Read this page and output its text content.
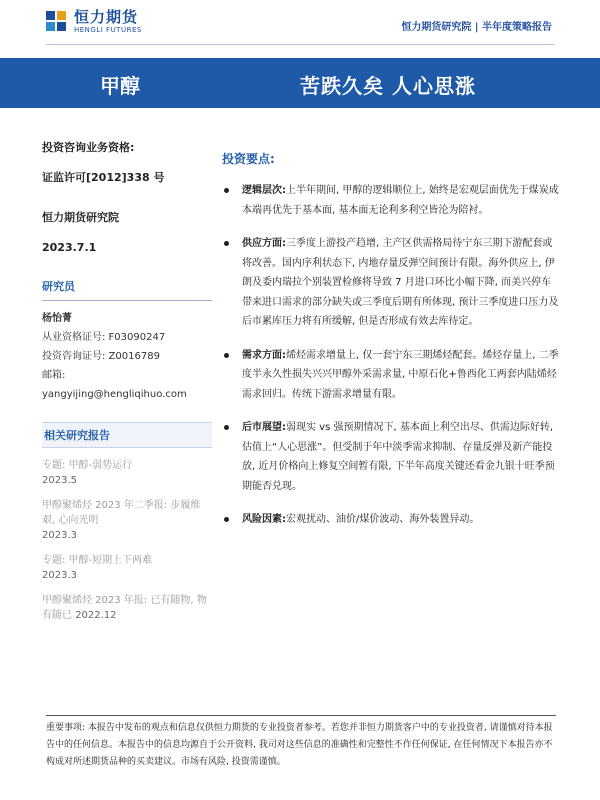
恒力期货
HENGLI FUTURES	恒力期货研究院 | 半年度策略报告
甲醇	苦跌久矣 人心思涨
投资咨询业务资格:
证监许可[2012]338 号
恒力期货研究院
2023.7.1
研究员
杨怡菁
从业资格证号: F03090247
投资咨询证号: Z0016789
邮箱:
yangyijing@hengliqihuo.com
相关研究报告
专题: 甲醇-弱势运行
2023.5
甲醇聚烯烃 2023 年二季报: 步履维艰, 心向光明
2023.3
专题: 甲醇-短期上下两难
2023.3
甲醇聚烯烃 2023 年报: 已有随物, 物有随已 2022.12
投资要点:
逻辑层次:上半年期间, 甲醇的逻辑顺位上, 始终是宏观层面优先于煤炭成本端再优先于基本面, 基本面无论利多利空皆沦为陪衬。
供应方面:三季度上游投产趋增, 主产区供需格局待宁东三期下游配套或将改善。国内序利状态下, 内地存量反弹空间预计有限。海外供应上, 伊朗及委内瑞拉个别装置检修将导致 7 月进口环比小幅下降, 而美兴停车带来进口需求的部分缺失或三季度后期有所体现, 预计三季度进口压力及后市累库压力将有所缓解, 但是否形成有效去库待定。
需求方面:烯烃需求增量上, 仅一套宁东三期烯烃配套。烯烃存量上, 二季度半永久性损失兴兴甲醇外采需求量, 中原石化+鲁西化工两套内陆烯烃需求回归。传统下游需求增量有限。
后市展望:弱现实 vs 强预期情况下, 基本面上利空出尽、供需边际好转, 估值上“人心思涨”。但受制于年中淡季需求抑制、存量反弹及新产能投放, 近月价格向上修复空间暂有限, 下半年高度关键还看金九银十旺季预期能否兑现。
风险因素:宏观扰动、油价/煤价波动、海外装置异动。
重要事项: 本报告中发布的观点和信息仅供恒力期货的专业投资者参考。若您并非恒力期货客户中的专业投资者, 请谨慎对待本报告中的任何信息。本报告中的信息均源自于公开资料, 我司对这些信息的准确性和完整性不作任何保证, 在任何情况下本报告亦不构成对所述期货品种的买卖建议。市场有风险, 投资需谨慎。
